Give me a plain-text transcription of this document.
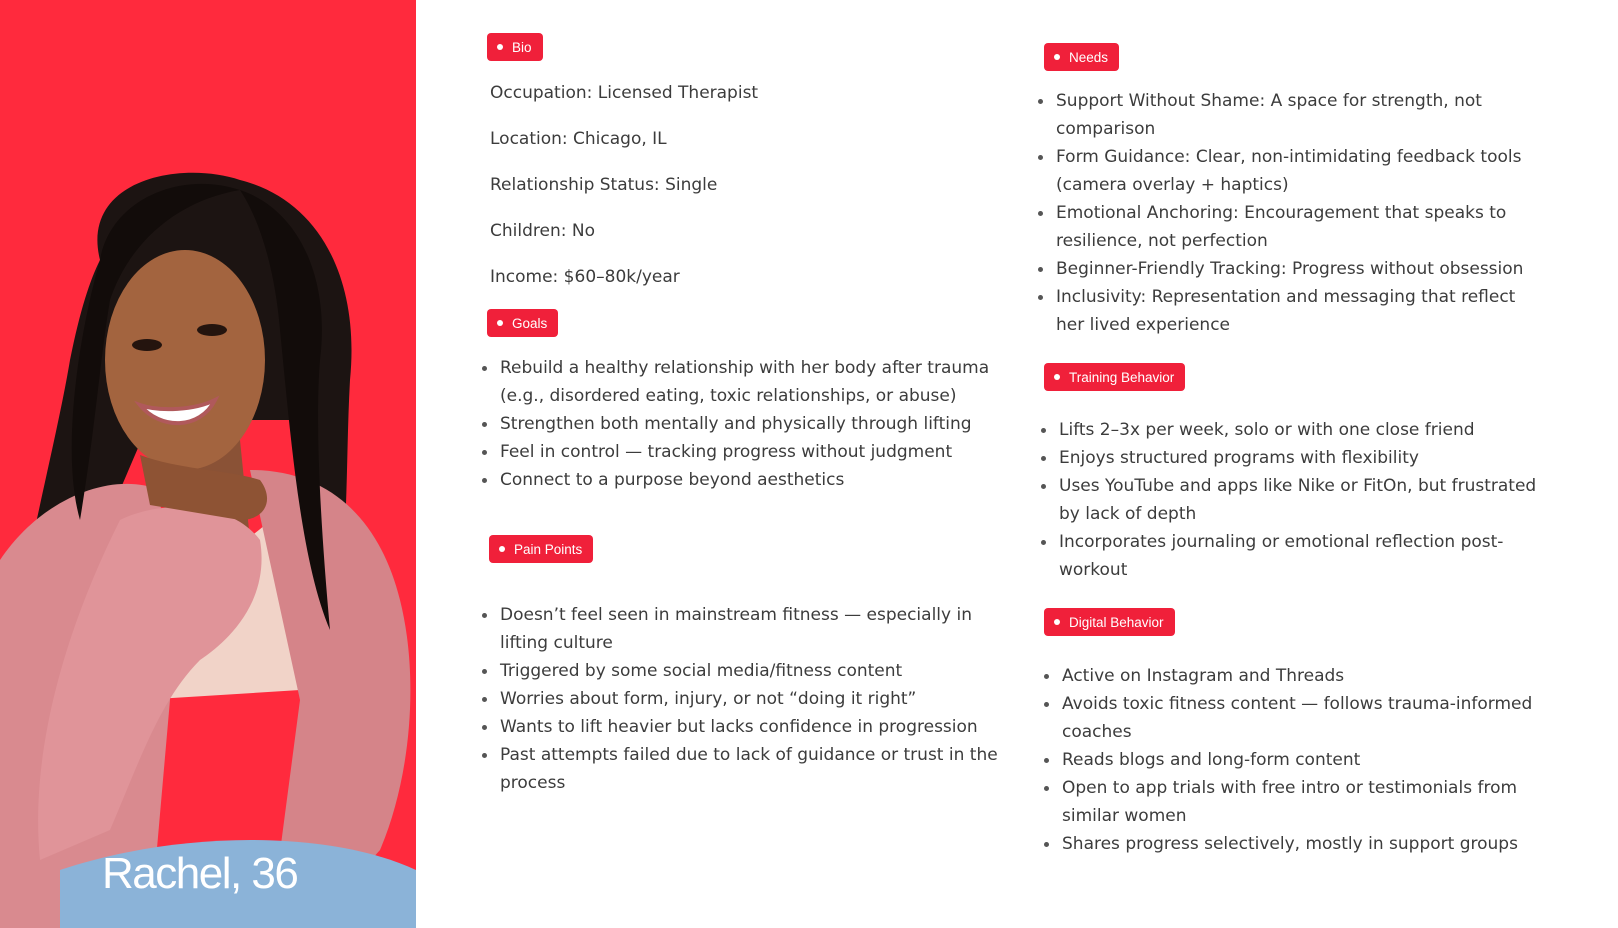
Rachel, 36
Bio
Occupation: Licensed Therapist
Location: Chicago, IL
Relationship Status: Single
Children: No
Income: $60–80k/year
Goals
Rebuild a healthy relationship with her body after trauma (e.g., disordered eating, toxic relationships, or abuse)
Strengthen both mentally and physically through lifting
Feel in control — tracking progress without judgment
Connect to a purpose beyond aesthetics
Pain Points
Doesn’t feel seen in mainstream fitness — especially in lifting culture
Triggered by some social media/fitness content
Worries about form, injury, or not “doing it right”
Wants to lift heavier but lacks confidence in progression
Past attempts failed due to lack of guidance or trust in the process
Needs
Support Without Shame: A space for strength, not comparison
Form Guidance: Clear, non-intimidating feedback tools (camera overlay + haptics)
Emotional Anchoring: Encouragement that speaks to resilience, not perfection
Beginner-Friendly Tracking: Progress without obsession
Inclusivity: Representation and messaging that reflect her lived experience
Training Behavior
Lifts 2–3x per week, solo or with one close friend
Enjoys structured programs with flexibility
Uses YouTube and apps like Nike or FitOn, but frustrated by lack of depth
Incorporates journaling or emotional reflection post-workout
Digital Behavior
Active on Instagram and Threads
Avoids toxic fitness content — follows trauma-informed coaches
Reads blogs and long-form content
Open to app trials with free intro or testimonials from similar women
Shares progress selectively, mostly in support groups
